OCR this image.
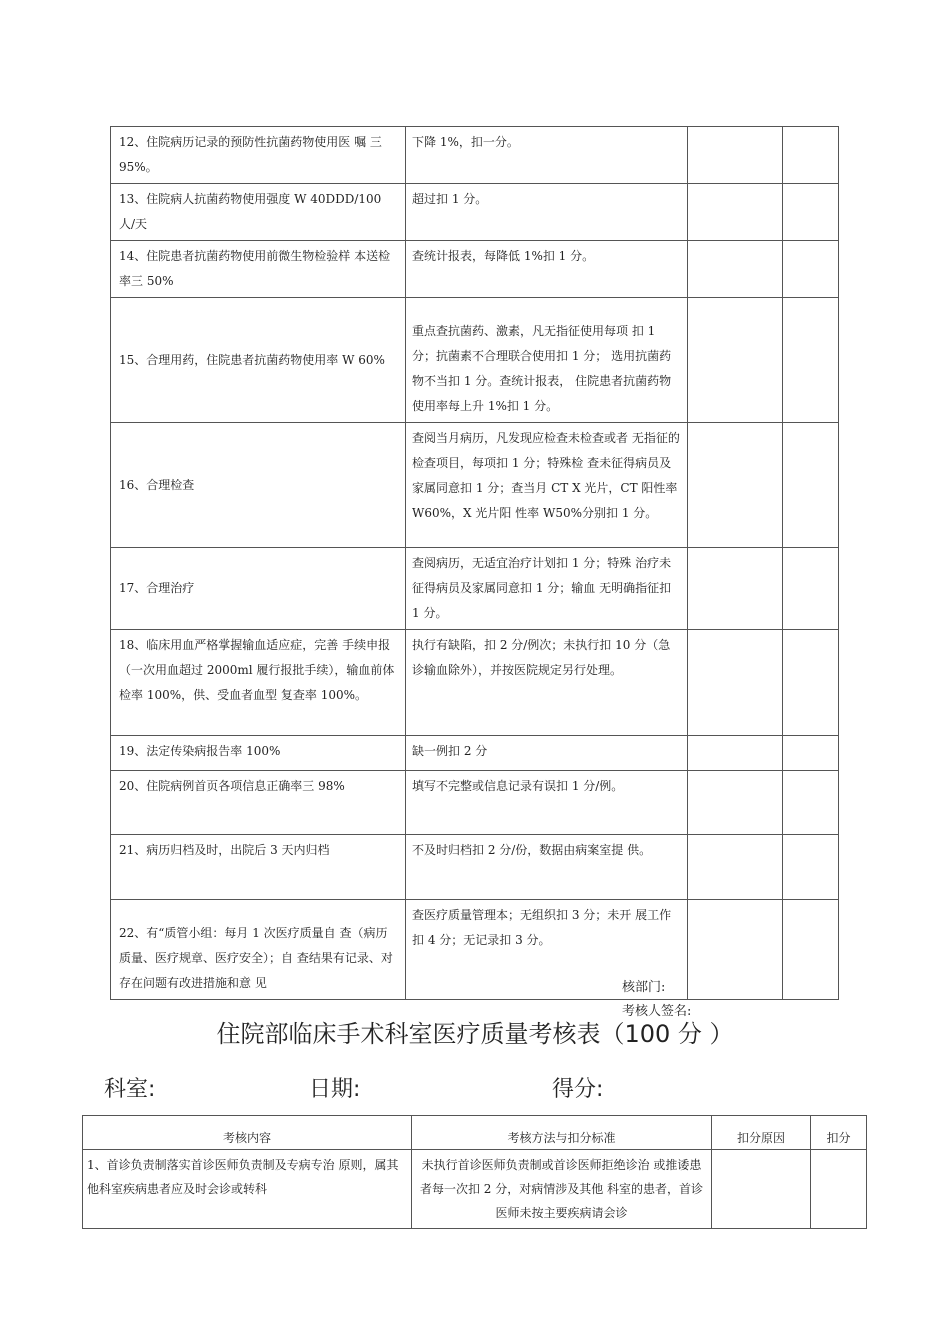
12、住院病历记录的预防性抗菌药物使用医 嘱 三 95%。	下降 1%，扣一分。		
13、住院病人抗菌药物使用强度 W 40DDD/100 人/天	超过扣 1 分。		
14、住院患者抗菌药物使用前微生物检验样 本送检率三 50%	查统计报表，每降低 1%扣 1 分。		
15、合理用药，住院患者抗菌药物使用率 W 60%	重点查抗菌药、激素，凡无指征使用每项 扣 1 分；抗菌素不合理联合使用扣 1 分； 选用抗菌药物不当扣 1 分。查统计报表， 住院患者抗菌药物使用率每上升 1%扣 1 分。		
16、合理检查	查阅当月病历，凡发现应检查未检查或者 无指征的检查项目，每项扣 1 分；特殊检 查未征得病员及家属同意扣 1 分；查当月 CT X 光片，CT 阳性率 W60%，X 光片阳 性率 W50%分别扣 1 分。		
17、合理治疗	查阅病历，无适宜治疗计划扣 1 分；特殊 治疗未征得病员及家属同意扣 1 分；输血 无明确指征扣 1 分。		
18、临床用血严格掌握输血适应症，完善 手续申报（一次用血超过 2000ml 履行报批手续），输血前体检率 100%，供、受血者血型 复查率 100%。	执行有缺陷，扣 2 分/例次；未执行扣 10 分（急诊输血除外），并按医院规定另行处理。		
19、法定传染病报告率 100%	缺一例扣 2 分		
20、住院病例首页各项信息正确率三 98%	填写不完整或信息记录有误扣 1 分/例。		
21、病历归档及时，出院后 3 天内归档	不及时归档扣 2 分/份，数据由病案室提 供。		
22、有“质管小组：每月 1 次医疗质量自 查（病历质量、医疗规章、医疗安全）；自 查结果有记录、对存在问题有改进措施和意 见	查医疗质量管理本；无组织扣 3 分；未开 展工作扣 4 分；无记录扣 3 分。		
核部门:
考核人签名:
住院部临床手术科室医疗质量考核表（100 分 ）
科室:	日期:	得分:
考核内容	考核方法与扣分标准	扣分原因	扣分
1、首诊负责制落实首诊医师负责制及专病专治 原则，属其他科室疾病患者应及时会诊或转科	未执行首诊医师负责制或首诊医师拒绝诊治 或推诿患者每一次扣 2 分，对病情涉及其他 科室的患者，首诊医师未按主要疾病请会诊		
